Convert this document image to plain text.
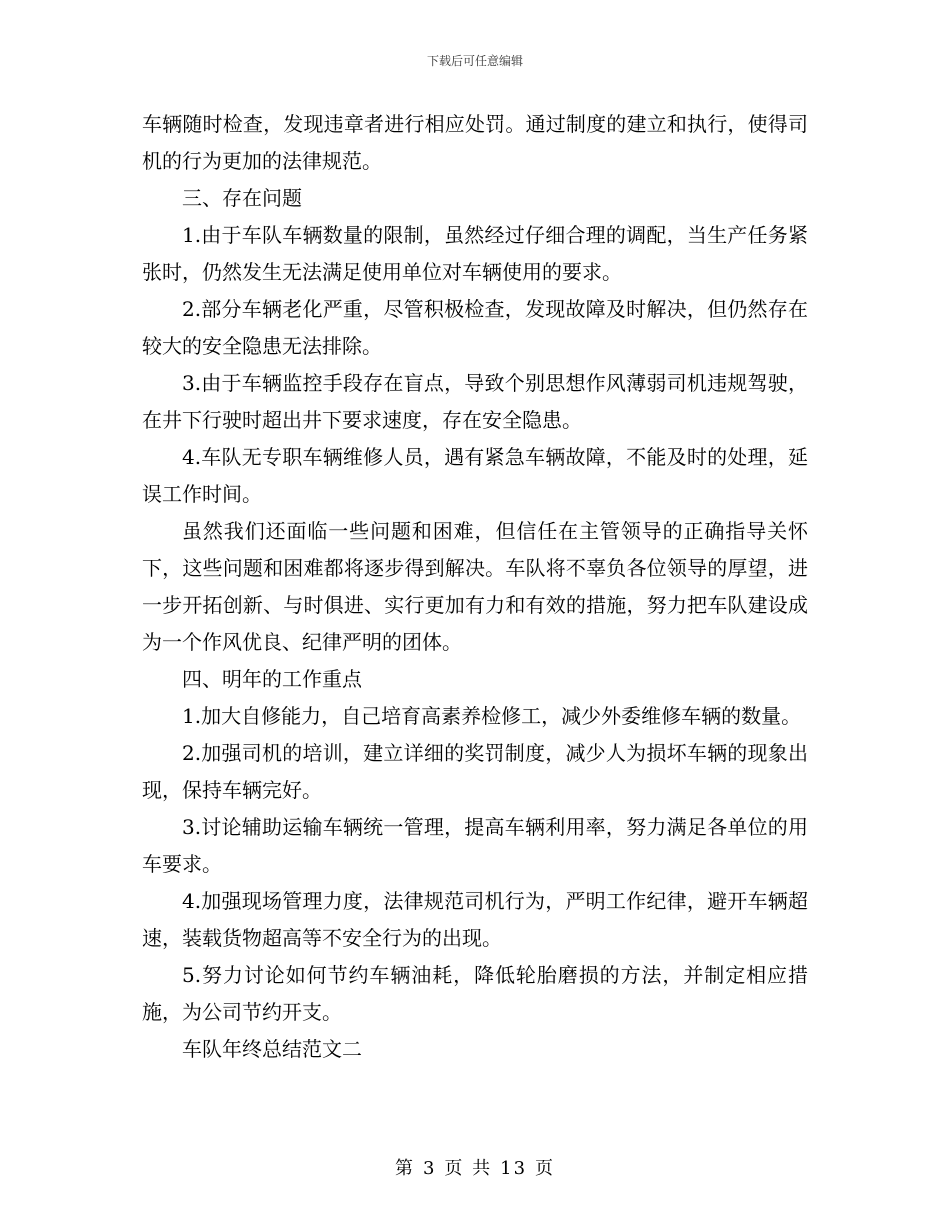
下载后可任意编辑

车辆随时检查，发现违章者进行相应处罚。通过制度的建立和执行，使得司机的行为更加的法律规范。

三、存在问题

1.由于车队车辆数量的限制，虽然经过仔细合理的调配，当生产任务紧张时，仍然发生无法满足使用单位对车辆使用的要求。

2.部分车辆老化严重，尽管积极检查，发现故障及时解决，但仍然存在较大的安全隐患无法排除。

3.由于车辆监控手段存在盲点，导致个别思想作风薄弱司机违规驾驶，在井下行驶时超出井下要求速度，存在安全隐患。

4.车队无专职车辆维修人员，遇有紧急车辆故障，不能及时的处理，延误工作时间。

虽然我们还面临一些问题和困难，但信任在主管领导的正确指导关怀下，这些问题和困难都将逐步得到解决。车队将不辜负各位领导的厚望，进一步开拓创新、与时俱进、实行更加有力和有效的措施，努力把车队建设成为一个作风优良、纪律严明的团体。

四、明年的工作重点

1.加大自修能力，自己培育高素养检修工，减少外委维修车辆的数量。

2.加强司机的培训，建立详细的奖罚制度，减少人为损坏车辆的现象出现，保持车辆完好。

3.讨论辅助运输车辆统一管理，提高车辆利用率，努力满足各单位的用车要求。

4.加强现场管理力度，法律规范司机行为，严明工作纪律，避开车辆超速，装载货物超高等不安全行为的出现。

5.努力讨论如何节约车辆油耗，降低轮胎磨损的方法，并制定相应措施，为公司节约开支。

车队年终总结范文二

第 3 页 共 13 页
